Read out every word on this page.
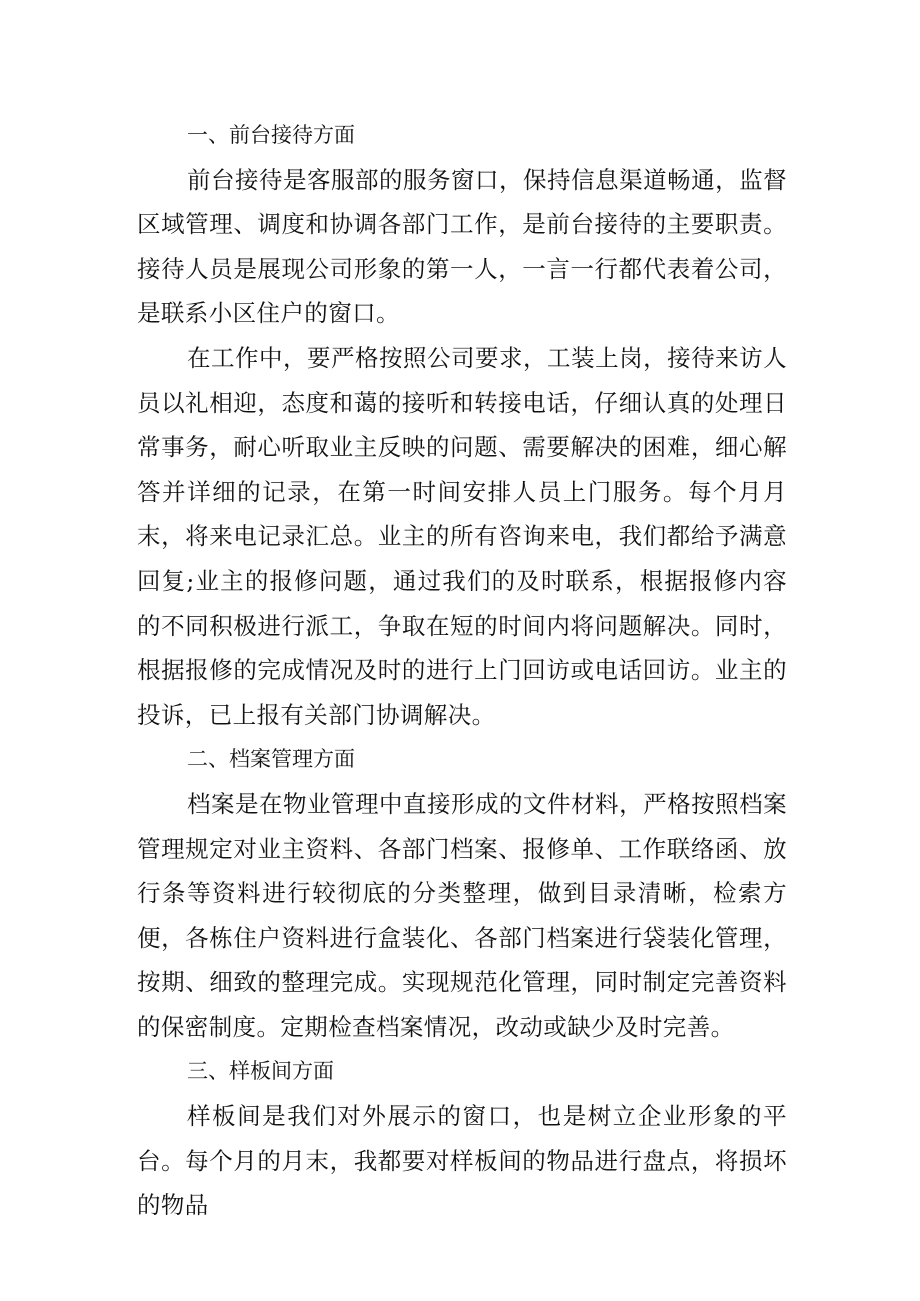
一、前台接待方面

前台接待是客服部的服务窗口，保持信息渠道畅通，监督区域管理、调度和协调各部门工作，是前台接待的主要职责。接待人员是展现公司形象的第一人，一言一行都代表着公司，是联系小区住户的窗口。

在工作中，要严格按照公司要求，工装上岗，接待来访人员以礼相迎，态度和蔼的接听和转接电话，仔细认真的处理日常事务，耐心听取业主反映的问题、需要解决的困难，细心解答并详细的记录，在第一时间安排人员上门服务。每个月月末，将来电记录汇总。业主的所有咨询来电，我们都给予满意回复;业主的报修问题，通过我们的及时联系，根据报修内容的不同积极进行派工，争取在短的时间内将问题解决。同时，根据报修的完成情况及时的进行上门回访或电话回访。业主的投诉，已上报有关部门协调解决。

二、档案管理方面

档案是在物业管理中直接形成的文件材料，严格按照档案管理规定对业主资料、各部门档案、报修单、工作联络函、放行条等资料进行较彻底的分类整理，做到目录清晰，检索方便，各栋住户资料进行盒装化、各部门档案进行袋装化管理，按期、细致的整理完成。实现规范化管理，同时制定完善资料的保密制度。定期检查档案情况，改动或缺少及时完善。

三、样板间方面

样板间是我们对外展示的窗口，也是树立企业形象的平台。每个月的月末，我都要对样板间的物品进行盘点，将损坏的物品
